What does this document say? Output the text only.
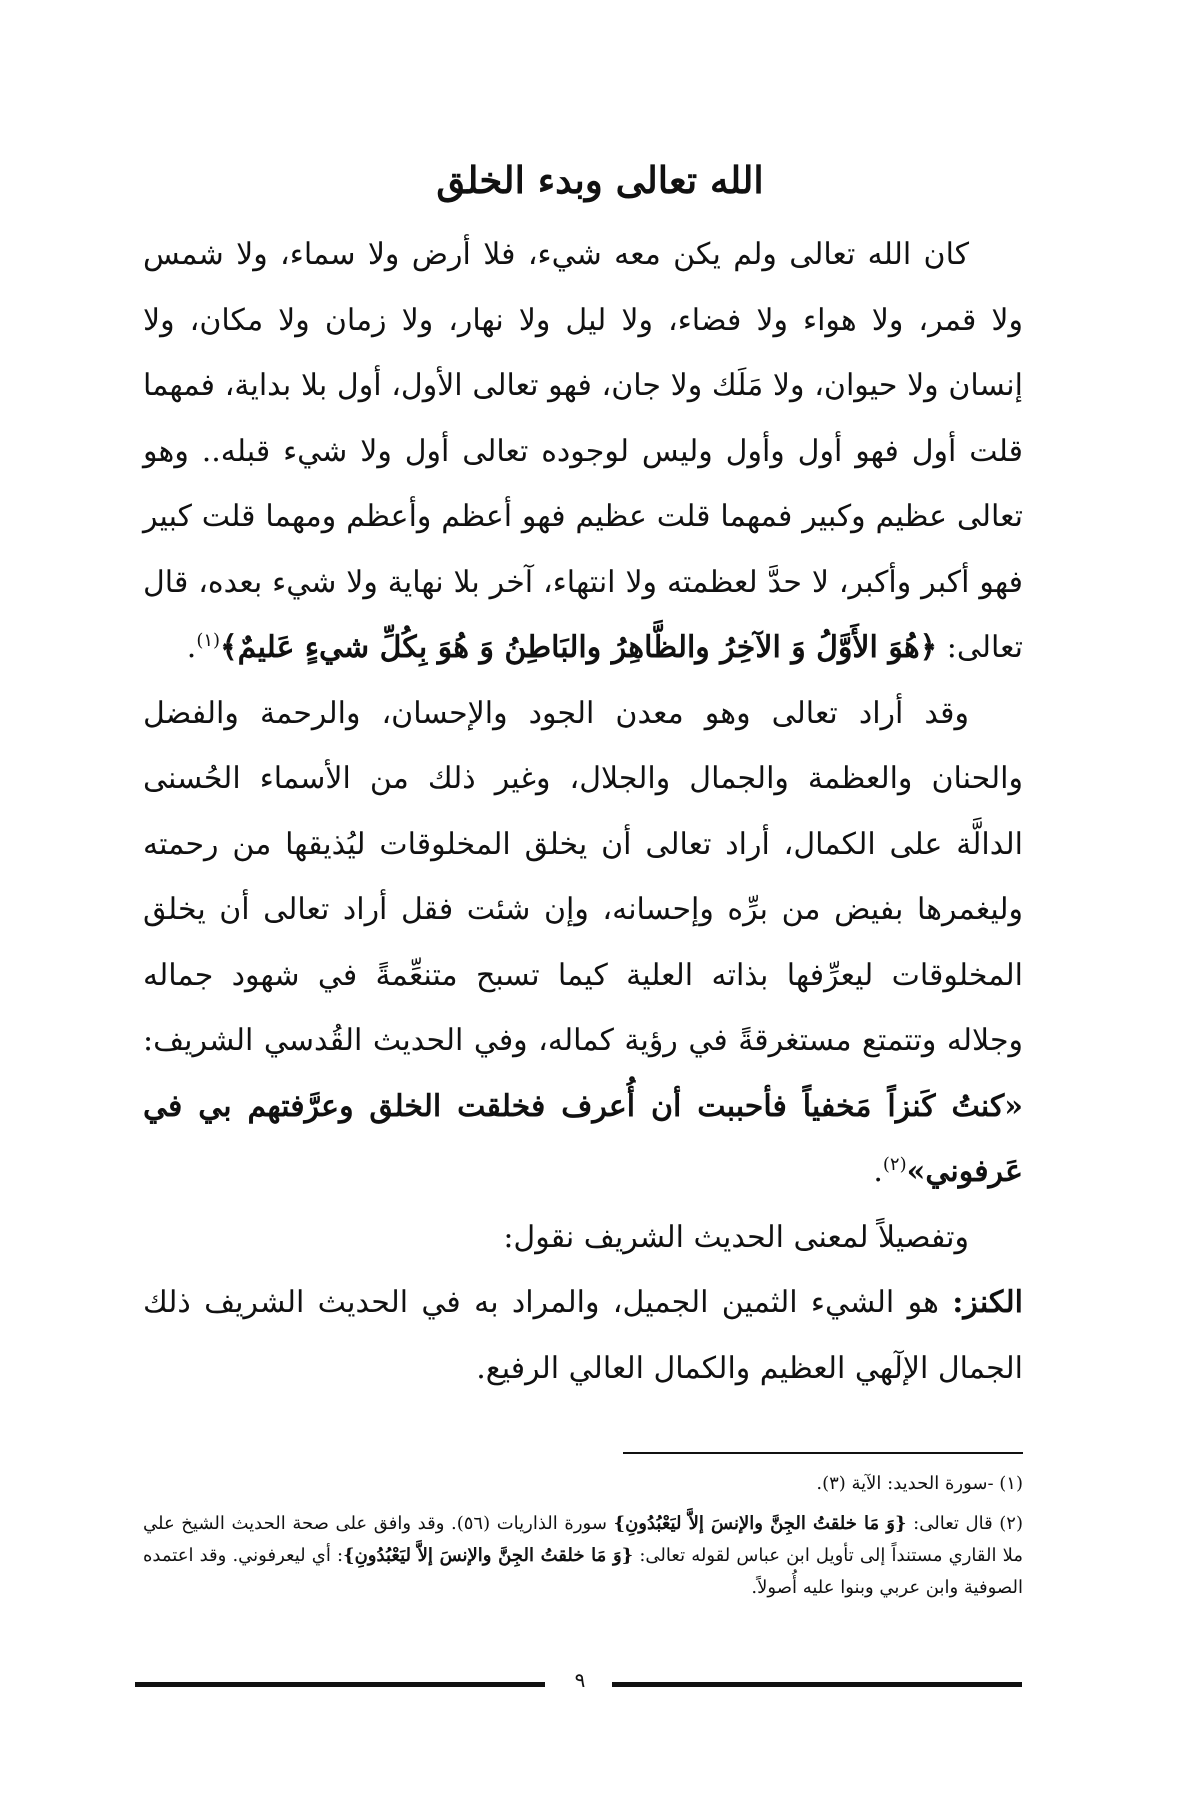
الله تعالى وبدء الخلق

كان الله تعالى ولم يكن معه شيء، فلا أرض ولا سماء، ولا شمس ولا قمر، ولا هواء ولا فضاء، ولا ليل ولا نهار، ولا زمان ولا مكان، ولا إنسان ولا حيوان، ولا مَلَك ولا جان، فهو تعالى الأول، أول بلا بداية، فمهما قلت أول فهو أول وأول وليس لوجوده تعالى أول ولا شيء قبله.. وهو تعالى عظيم وكبير فمهما قلت عظيم فهو أعظم وأعظم ومهما قلت كبير فهو أكبر وأكبر، لا حدَّ لعظمته ولا انتهاء، آخر بلا نهاية ولا شيء بعده، قال تعالى: ﴿هُوَ الأَوَّلُ وَ الآخِرُ والظَّاهِرُ والبَاطِنُ وَ هُوَ بِكُلِّ شيءٍ عَليمٌ﴾$^{(١)}$.

وقد أراد تعالى وهو معدن الجود والإحسان، والرحمة والفضل والحنان والعظمة والجمال والجلال، وغير ذلك من الأسماء الحُسنى الدالَّة على الكمال، أراد تعالى أن يخلق المخلوقات ليُذيقها من رحمته وليغمرها بفيض من برِّه وإحسانه، وإن شئت فقل أراد تعالى أن يخلق المخلوقات ليعرِّفها بذاته العلية كيما تسبح متنعِّمةً في شهود جماله وجلاله وتتمتع مستغرقةً في رؤية كماله، وفي الحديث القُدسي الشريف: «كنتُ كَنزاً مَخفياً فأحببت أن أُعرف فخلقت الخلق وعرَّفتهم بي في عَرفوني»$^{(٢)}$.

وتفصيلاً لمعنى الحديث الشريف نقول:

الكنز: هو الشيء الثمين الجميل، والمراد به في الحديث الشريف ذلك الجمال الإلٓهي العظيم والكمال العالي الرفيع.

(١) -سورة الحديد: الآية (٣).

(٢) قال تعالى: {وَ مَا خلقتُ الجِنَّ والإنسَ إلاَّ ليَعْبُدُونِ} سورة الذاريات (٥٦). وقد وافق على صحة الحديث الشيخ علي ملا القاري مستنداً إلى تأويل ابن عباس لقوله تعالى: {وَ مَا خلقتُ الجِنَّ والإنسَ إلاَّ ليَعْبُدُونِ}: أي ليعرفوني. وقد اعتمده الصوفية وابن عربي وبنوا عليه أُصولاً.

٩
